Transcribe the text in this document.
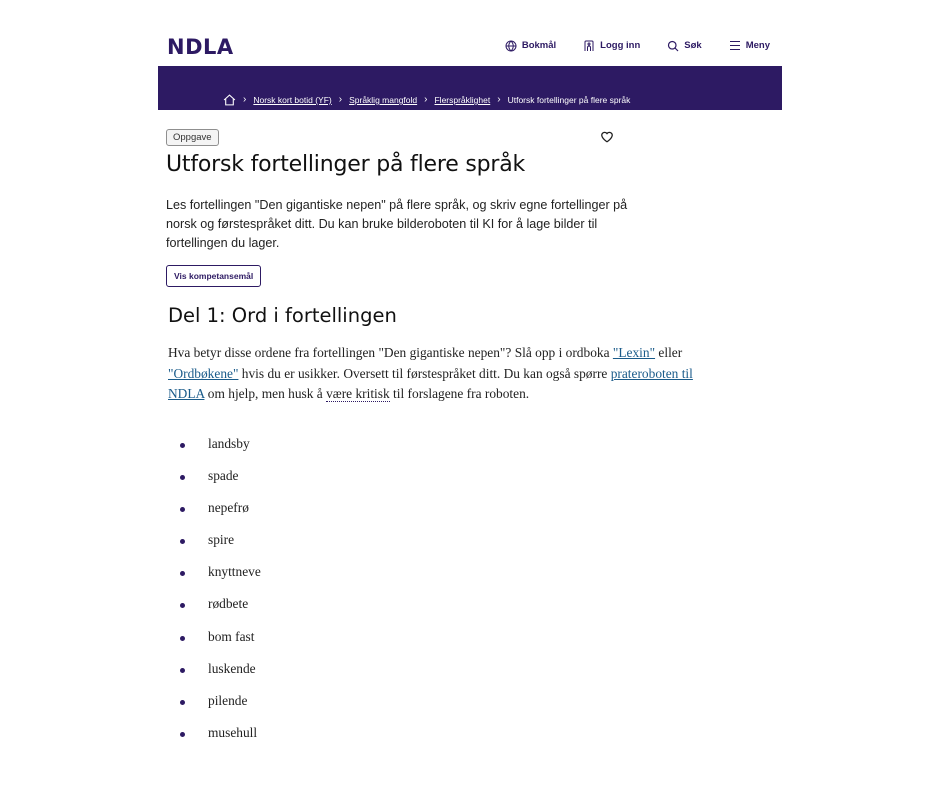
NDLA	Bokmål	Logg inn	Søk	Meny
› Norsk kort botid (YF) › Språklig mangfold › Flerspråklighet › Utforsk fortellinger på flere språk
Oppgave
Utforsk fortellinger på flere språk

Les fortellingen "Den gigantiske nepen" på flere språk, og skriv egne fortellinger på norsk og førstespråket ditt. Du kan bruke bilderoboten til KI for å lage bilder til fortellingen du lager.

Vis kompetansemål
Del 1: Ord i fortellingen

Hva betyr disse ordene fra fortellingen "Den gigantiske nepen"? Slå opp i ordboka "Lexin" eller "Ordbøkene" hvis du er usikker. Oversett til førstespråket ditt. Du kan også spørre prateroboten til NDLA om hjelp, men husk å være kritisk til forslagene fra roboten.

landsby
spade
nepefrø
spire
knyttneve
rødbete
bom fast
luskende
pilende
musehull
